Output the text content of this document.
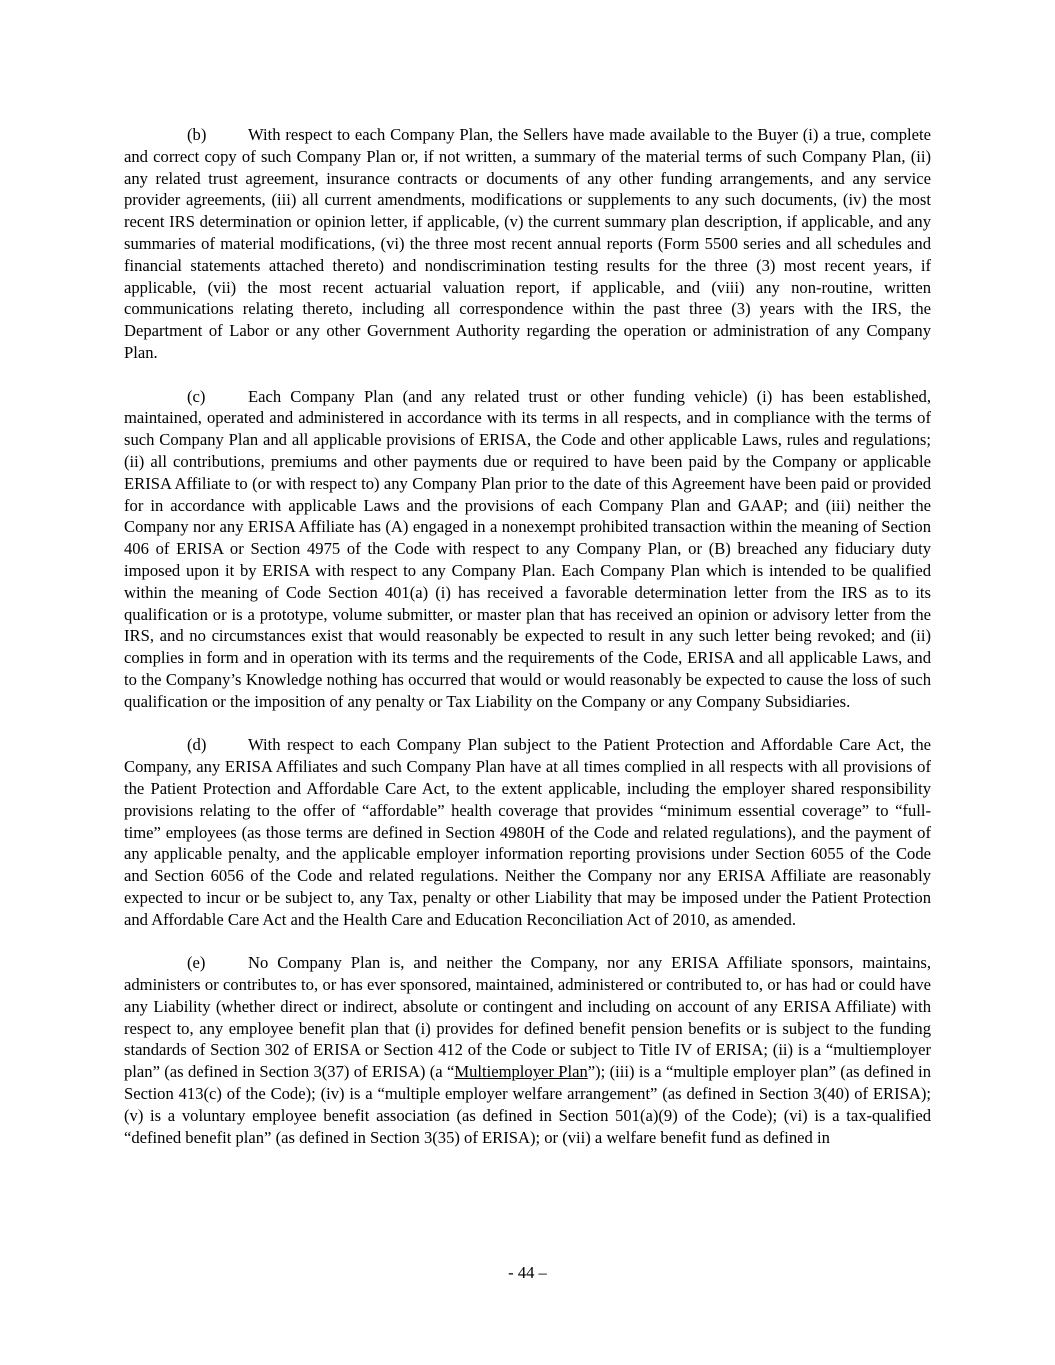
(b)	With respect to each Company Plan, the Sellers have made available to the Buyer (i) a true, complete and correct copy of such Company Plan or, if not written, a summary of the material terms of such Company Plan, (ii) any related trust agreement, insurance contracts or documents of any other funding arrangements, and any service provider agreements, (iii) all current amendments, modifications or supplements to any such documents, (iv) the most recent IRS determination or opinion letter, if applicable, (v) the current summary plan description, if applicable, and any summaries of material modifications, (vi) the three most recent annual reports (Form 5500 series and all schedules and financial statements attached thereto) and nondiscrimination testing results for the three (3) most recent years, if applicable, (vii) the most recent actuarial valuation report, if applicable, and (viii) any non-routine, written communications relating thereto, including all correspondence within the past three (3) years with the IRS, the Department of Labor or any other Government Authority regarding the operation or administration of any Company Plan.

(c)	Each Company Plan (and any related trust or other funding vehicle) (i) has been established, maintained, operated and administered in accordance with its terms in all respects, and in compliance with the terms of such Company Plan and all applicable provisions of ERISA, the Code and other applicable Laws, rules and regulations; (ii) all contributions, premiums and other payments due or required to have been paid by the Company or applicable ERISA Affiliate to (or with respect to) any Company Plan prior to the date of this Agreement have been paid or provided for in accordance with applicable Laws and the provisions of each Company Plan and GAAP; and (iii) neither the Company nor any ERISA Affiliate has (A) engaged in a nonexempt prohibited transaction within the meaning of Section 406 of ERISA or Section 4975 of the Code with respect to any Company Plan, or (B) breached any fiduciary duty imposed upon it by ERISA with respect to any Company Plan. Each Company Plan which is intended to be qualified within the meaning of Code Section 401(a) (i) has received a favorable determination letter from the IRS as to its qualification or is a prototype, volume submitter, or master plan that has received an opinion or advisory letter from the IRS, and no circumstances exist that would reasonably be expected to result in any such letter being revoked; and (ii) complies in form and in operation with its terms and the requirements of the Code, ERISA and all applicable Laws, and to the Company’s Knowledge nothing has occurred that would or would reasonably be expected to cause the loss of such qualification or the imposition of any penalty or Tax Liability on the Company or any Company Subsidiaries.

(d)	With respect to each Company Plan subject to the Patient Protection and Affordable Care Act, the Company, any ERISA Affiliates and such Company Plan have at all times complied in all respects with all provisions of the Patient Protection and Affordable Care Act, to the extent applicable, including the employer shared responsibility provisions relating to the offer of “affordable” health coverage that provides “minimum essential coverage” to “full-time” employees (as those terms are defined in Section 4980H of the Code and related regulations), and the payment of any applicable penalty, and the applicable employer information reporting provisions under Section 6055 of the Code and Section 6056 of the Code and related regulations. Neither the Company nor any ERISA Affiliate are reasonably expected to incur or be subject to, any Tax, penalty or other Liability that may be imposed under the Patient Protection and Affordable Care Act and the Health Care and Education Reconciliation Act of 2010, as amended.

(e)	No Company Plan is, and neither the Company, nor any ERISA Affiliate sponsors, maintains, administers or contributes to, or has ever sponsored, maintained, administered or contributed to, or has had or could have any Liability (whether direct or indirect, absolute or contingent and including on account of any ERISA Affiliate) with respect to, any employee benefit plan that (i) provides for defined benefit pension benefits or is subject to the funding standards of Section 302 of ERISA or Section 412 of the Code or subject to Title IV of ERISA; (ii) is a “multiemployer plan” (as defined in Section 3(37) of ERISA) (a “Multiemployer Plan”); (iii) is a “multiple employer plan” (as defined in Section 413(c) of the Code); (iv) is a “multiple employer welfare arrangement” (as defined in Section 3(40) of ERISA); (v) is a voluntary employee benefit association (as defined in Section 501(a)(9) of the Code); (vi) is a tax-qualified “defined benefit plan” (as defined in Section 3(35) of ERISA); or (vii) a welfare benefit fund as defined in

- 44 –
